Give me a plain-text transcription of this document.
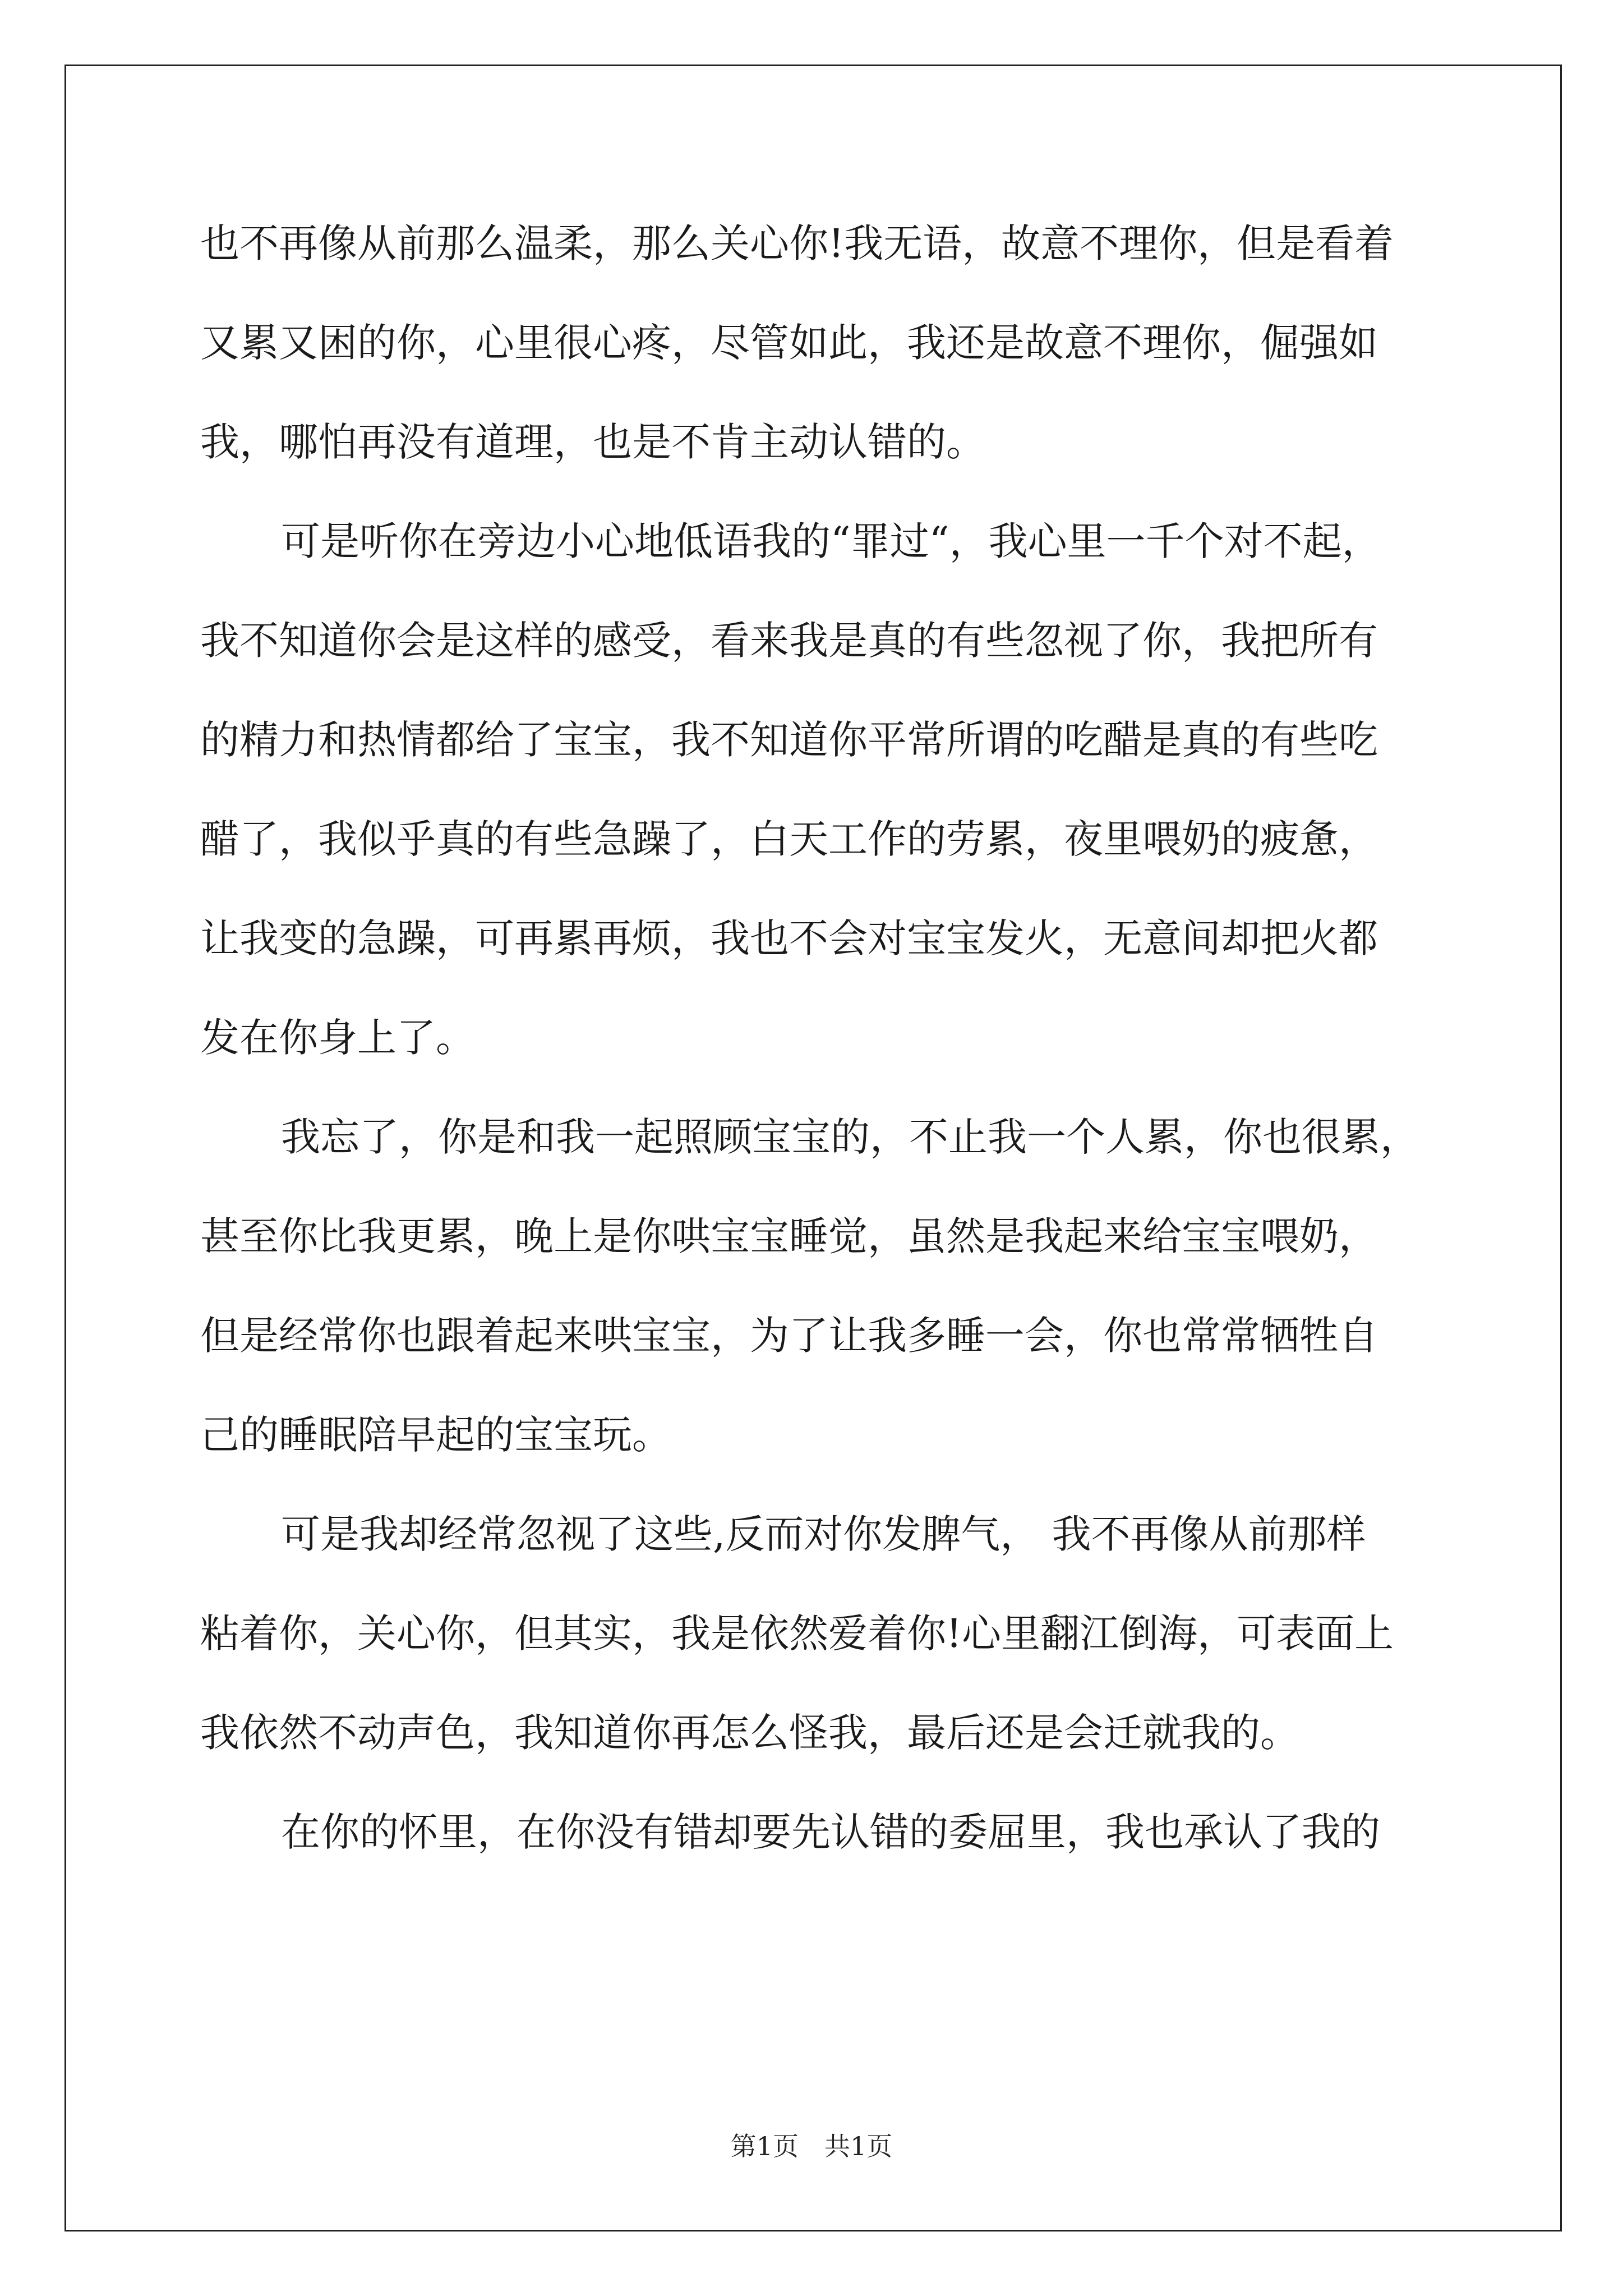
也不再像从前那么温柔，那么关心你!我无语，故意不理你，但是看着
又累又困的你，心里很心疼，尽管如此，我还是故意不理你，倔强如
我，哪怕再没有道理，也是不肯主动认错的。
可是听你在旁边小心地低语我的“罪过“，我心里一千个对不起，
我不知道你会是这样的感受，看来我是真的有些忽视了你，我把所有
的精力和热情都给了宝宝，我不知道你平常所谓的吃醋是真的有些吃
醋了，我似乎真的有些急躁了，白天工作的劳累，夜里喂奶的疲惫，
让我变的急躁，可再累再烦，我也不会对宝宝发火，无意间却把火都
发在你身上了。
我忘了，你是和我一起照顾宝宝的，不止我一个人累，你也很累，
甚至你比我更累，晚上是你哄宝宝睡觉，虽然是我起来给宝宝喂奶，
但是经常你也跟着起来哄宝宝，为了让我多睡一会，你也常常牺牲自
己的睡眠陪早起的宝宝玩。
可是我却经常忽视了这些,反而对你发脾气， 我不再像从前那样
粘着你，关心你，但其实，我是依然爱着你!心里翻江倒海，可表面上
我依然不动声色，我知道你再怎么怪我，最后还是会迁就我的。
在你的怀里，在你没有错却要先认错的委屈里，我也承认了我的
第1页　共1页
